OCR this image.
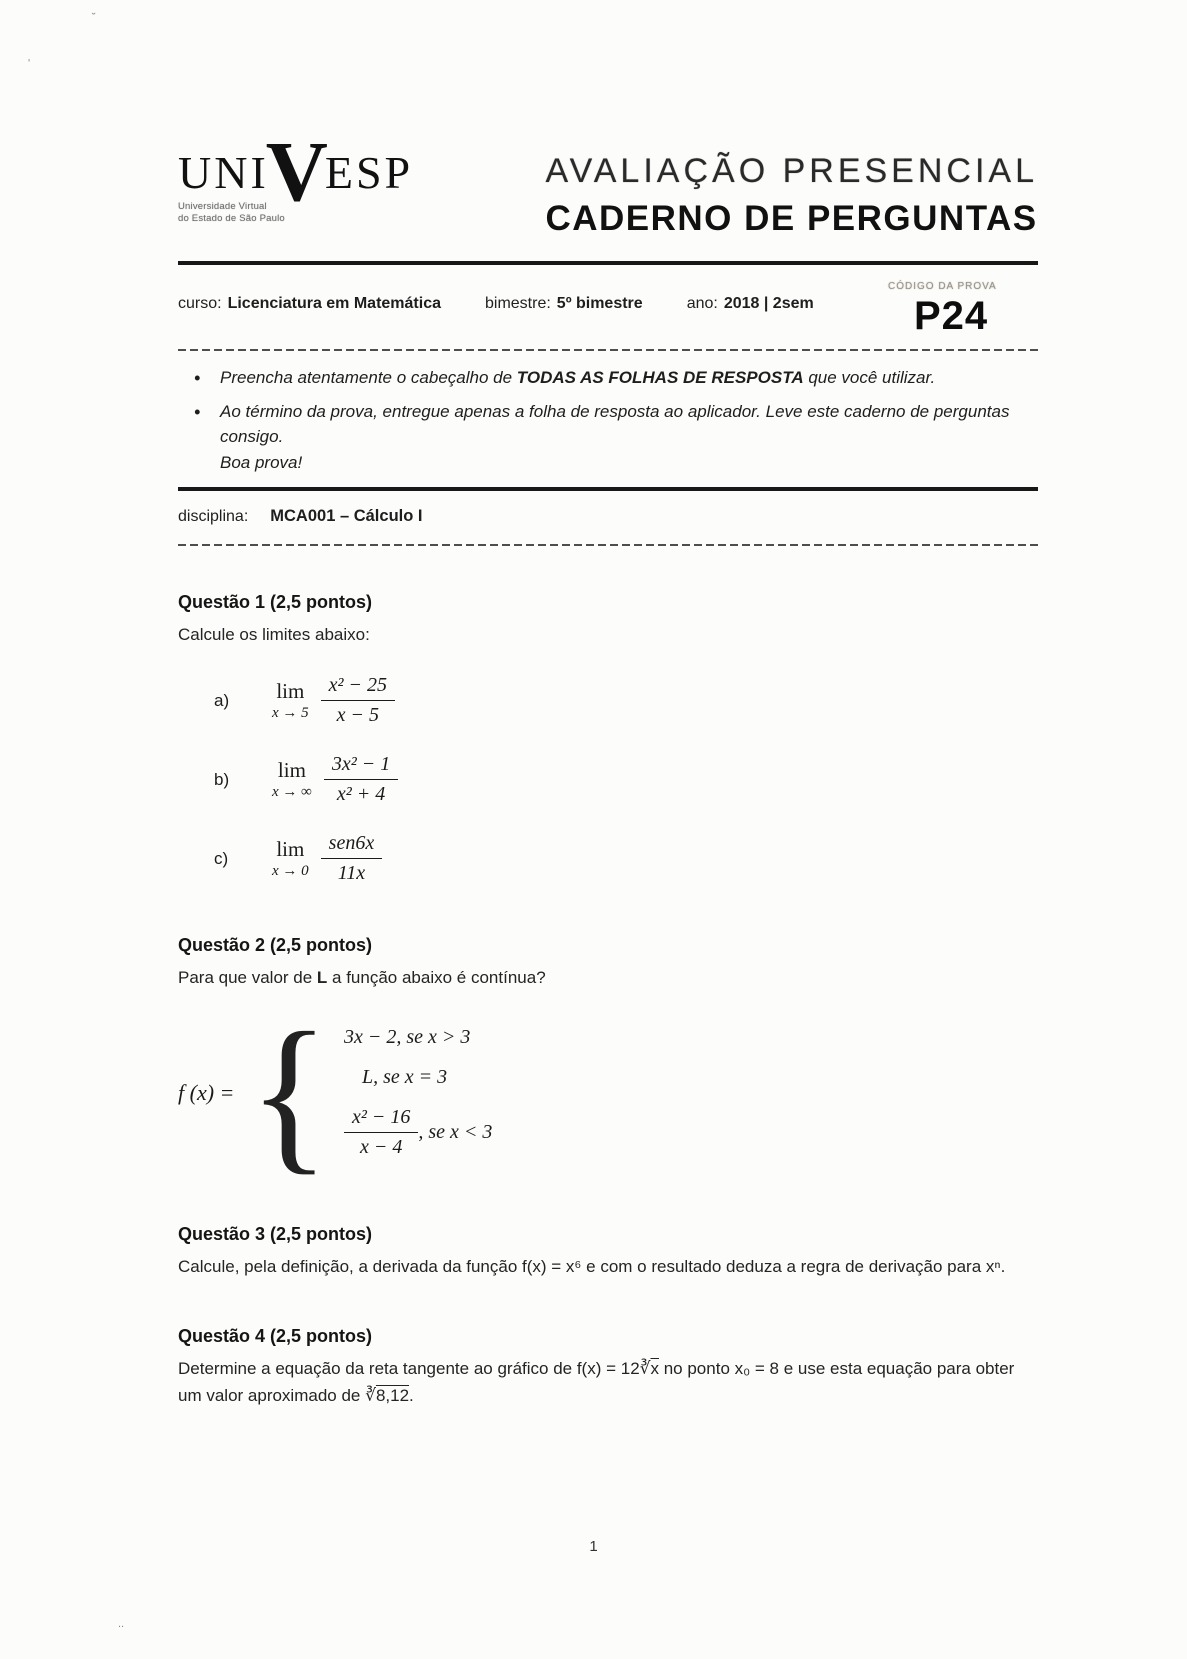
˘
ʹ
..
UNI
V
ESP
Universidade Virtual
do Estado de São Paulo
AVALIAÇÃO PRESENCIAL
CADERNO DE PERGUNTAS
curso: Licenciatura em Matemática	bimestre: 5º bimestre	ano: 2018 | 2sem
CÓDIGO DA PROVA
P24
• Preencha atentamente o cabeçalho de TODAS AS FOLHAS DE RESPOSTA que você utilizar.
• Ao término da prova, entregue apenas a folha de resposta ao aplicador. Leve este caderno de perguntas consigo.
Boa prova!
disciplina: MCA001 – Cálculo I
Questão 1 (2,5 pontos)
Calcule os limites abaixo:
a)	lim
$x \to 5 \frac{\text{x² − 25}}{x - 5}$
b)	lim
x → ∞ $\frac{\text{3x² − 1}}{\text{x² + 4}}$
c)	lim
$x \to 0 \frac{\text{sen6x}}{11x}$
Questão 2 (2,5 pontos)
Para que valor de L a função abaixo é contínua?
f (x) = { 3x − 2, se x > 3
L, se x = 3
$\frac{\text{x² − 16}}{x - 4}$ , se x < 3
Questão 3 (2,5 pontos)
Calcule, pela definição, a derivada da função f(x) = x⁶ e com o resultado deduza a regra de derivação para xⁿ.
Questão 4 (2,5 pontos)
Determine a equação da reta tangente ao gráfico de $f(x) = 12∛\overline{x}$ no ponto x₀ = 8 e use esta equação para obter um valor aproximado de ∛8,12.
1
